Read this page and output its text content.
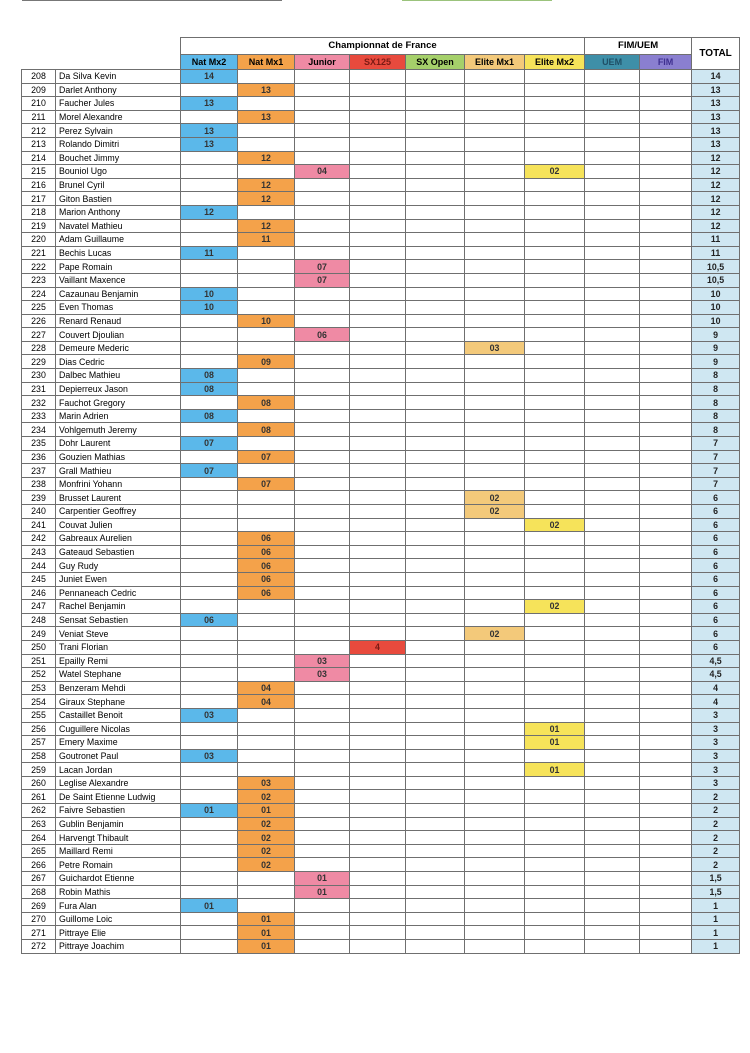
		Championnat de France							FIM/UEM		TOTAL
		Nat Mx2	Nat Mx1	Junior	SX125	SX Open	Elite Mx1	Elite Mx2	UEM	FIM	
208	Da Silva Kevin	14									14
209	Darlet Anthony		13								13
210	Faucher Jules	13									13
211	Morel Alexandre		13								13
212	Perez Sylvain	13									13
213	Rolando Dimitri	13									13
214	Bouchet Jimmy		12								12
215	Bouniol Ugo			04				02			12
216	Brunel Cyril		12								12
217	Giton Bastien		12								12
218	Marion Anthony	12									12
219	Navatel Mathieu		12								12
220	Adam Guillaume		11								11
221	Bechis Lucas	11									11
222	Pape Romain			07							10,5
223	Vaillant Maxence			07							10,5
224	Cazaunau Benjamin	10									10
225	Even Thomas	10									10
226	Renard Renaud		10								10
227	Couvert Djoulian			06							9
228	Demeure Mederic						03				9
229	Dias Cedric		09								9
230	Dalbec Mathieu	08									8
231	Depierreux Jason	08									8
232	Fauchot Gregory		08								8
233	Marin Adrien	08									8
234	Vohlgemuth Jeremy		08								8
235	Dohr Laurent	07									7
236	Gouzien Mathias		07								7
237	Grall Mathieu	07									7
238	Monfrini Yohann		07								7
239	Brusset Laurent						02				6
240	Carpentier Geoffrey						02				6
241	Couvat Julien							02			6
242	Gabreaux Aurelien		06								6
243	Gateaud Sebastien		06								6
244	Guy Rudy		06								6
245	Juniet Ewen		06								6
246	Pennaneach Cedric		06								6
247	Rachel Benjamin							02			6
248	Sensat Sebastien	06									6
249	Veniat Steve						02				6
250	Trani Florian				4						6
251	Epailly Remi			03							4,5
252	Watel Stephane			03							4,5
253	Benzeram Mehdi		04								4
254	Giraux Stephane		04								4
255	Castaillet Benoit	03									3
256	Cuguillere Nicolas							01			3
257	Emery Maxime							01			3
258	Goutronet Paul	03									3
259	Lacan Jordan							01			3
260	Leglise Alexandre		03								3
261	De Saint Etienne Ludwig		02								2
262	Faivre Sebastien	01	01								2
263	Gublin Benjamin		02								2
264	Harvengt Thibault		02								2
265	Maillard Remi		02								2
266	Petre Romain		02								2
267	Guichardot Etienne			01							1,5
268	Robin Mathis			01							1,5
269	Fura Alan	01									1
270	Guillome Loic		01								1
271	Pittraye Elie		01								1
272	Pittraye Joachim		01								1
